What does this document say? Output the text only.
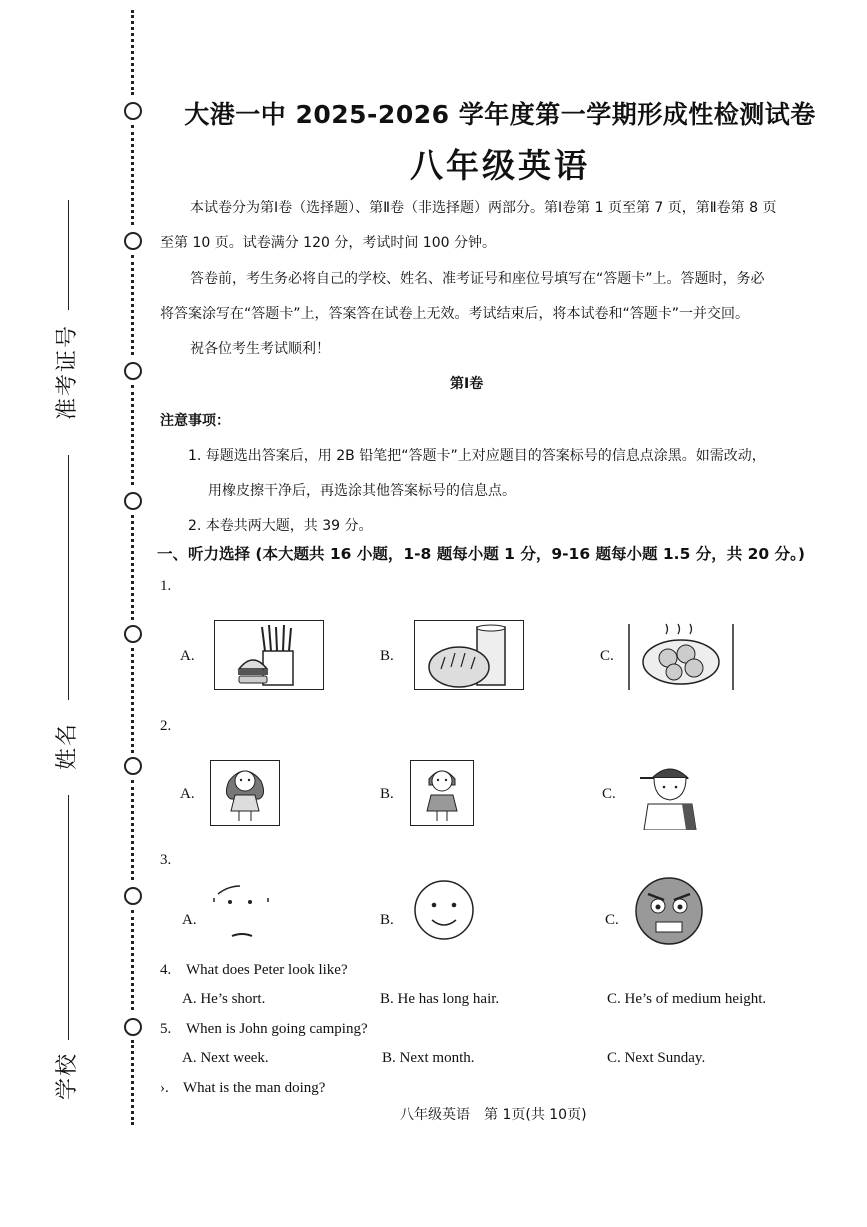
准考证号
姓名
学校
大港一中 2025-2026 学年度第一学期形成性检测试卷
八年级英语
本试卷分为第Ⅰ卷（选择题）、第Ⅱ卷（非选择题）两部分。第Ⅰ卷第 1 页至第 7 页，第Ⅱ卷第 8 页
至第 10 页。试卷满分 120 分，考试时间 100 分钟。
答卷前，考生务必将自己的学校、姓名、准考证号和座位号填写在“答题卡”上。答题时，务必
将答案涂写在“答题卡”上，答案答在试卷上无效。考试结束后，将本试卷和“答题卡”一并交回。
祝各位考生考试顺利！
第Ⅰ卷
注意事项：
1. 每题选出答案后，用 2B 铅笔把“答题卡”上对应题目的答案标号的信息点涂黑。如需改动，
用橡皮擦干净后，再选涂其他答案标号的信息点。
2. 本卷共两大题，共 39 分。
一、听力选择 (本大题共 16 小题，1-8 题每小题 1 分，9-16 题每小题 1.5 分，共 20 分。)
1.
A.	B.	C.
2.
A.	B.	C.
3.
A.	B.	C.
4. What does Peter look like?
A. He’s short.	B. He has long hair.	C. He’s of medium height.
5. When is John going camping?
A. Next week.	B. Next month.	C. Next Sunday.
›. What is the man doing?
八年级英语　第 1页(共 10页)
